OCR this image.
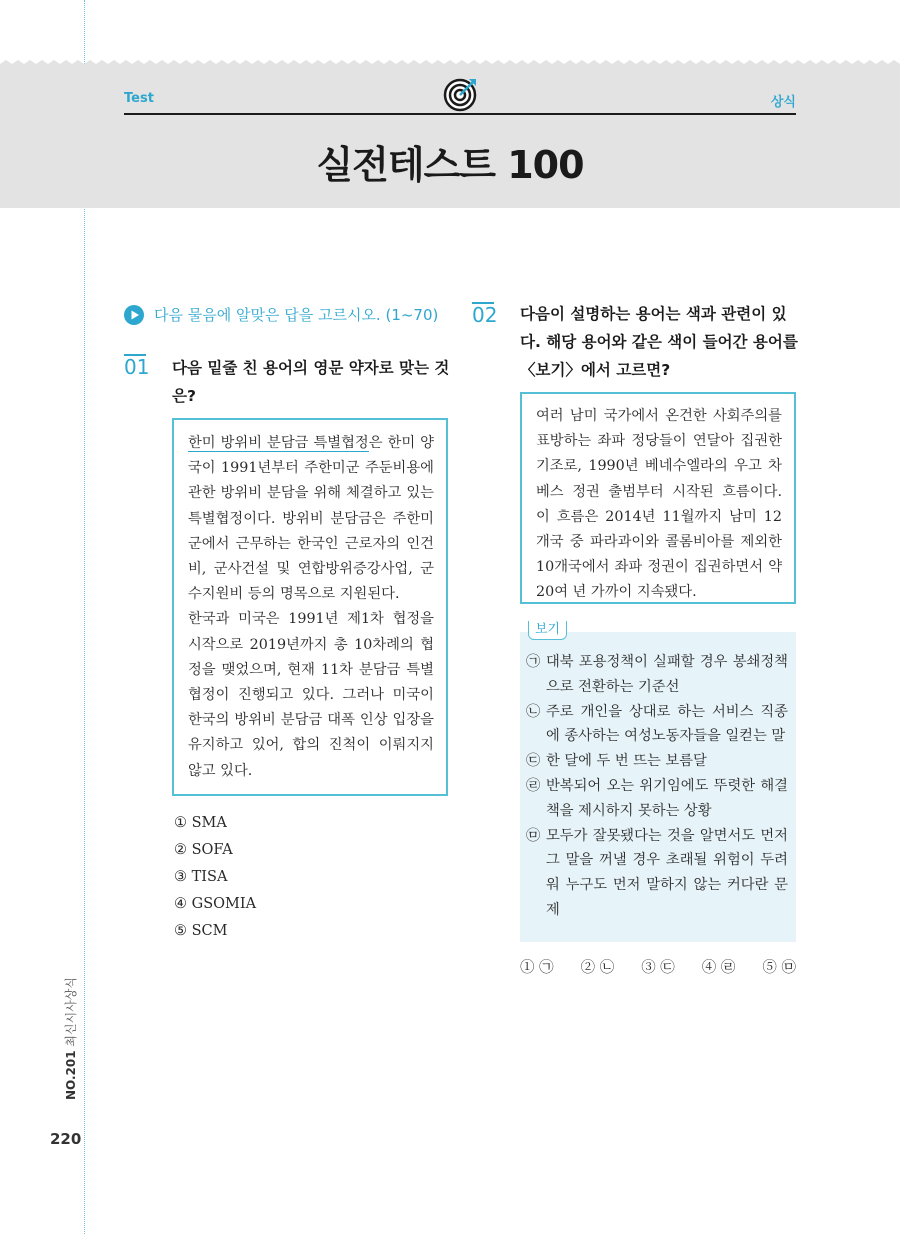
Test	상식
실전테스트 100
다음 물음에 알맞은 답을 고르시오. (1~70)
01 다음 밑줄 친 용어의 영문 약자로 맞는 것
은?

한미 방위비 분담금 특별협정은 한미 양국이 1991년부터 주한미군 주둔비용에 관한 방위비 분담을 위해 체결하고 있는 특별협정이다. 방위비 분담금은 주한미군에서 근무하는 한국인 근로자의 인건비, 군사건설 및 연합방위증강사업, 군수지원비 등의 명목으로 지원된다.

한국과 미국은 1991년 제1차 협정을 시작으로 2019년까지 총 10차례의 협정을 맺었으며, 현재 11차 분담금 특별협정이 진행되고 있다. 그러나 미국이 한국의 방위비 분담금 대폭 인상 입장을 유지하고 있어, 합의 진척이 이뤄지지 않고 있다.

① SMA
② SOFA
③ TISA
④ GSOMIA
⑤ SCM
02 다음이 설명하는 용어는 색과 관련이 있
다. 해당 용어와 같은 색이 들어간 용어를
〈보기〉에서 고르면?

여러 남미 국가에서 온건한 사회주의를 표방하는 좌파 정당들이 연달아 집권한 기조로, 1990년 베네수엘라의 우고 차베스 정권 출범부터 시작된 흐름이다. 이 흐름은 2014년 11월까지 남미 12개국 중 파라과이와 콜롬비아를 제외한 10개국에서 좌파 정권이 집권하면서 약 20여 년 가까이 지속됐다.

보기
㉠ 대북 포용정책이 실패할 경우 봉쇄정책으로 전환하는 기준선
㉡ 주로 개인을 상대로 하는 서비스 직종에 종사하는 여성노동자들을 일컫는 말
㉢ 한 달에 두 번 뜨는 보름달
㉣ 반복되어 오는 위기임에도 뚜렷한 해결책을 제시하지 못하는 상황
㉤ 모두가 잘못됐다는 것을 알면서도 먼저 그 말을 꺼낼 경우 초래될 위험이 두려워 누구도 먼저 말하지 않는 커다란 문제
① ㉠ ② ㉡ ③ ㉢ ④ ㉣ ⑤ ㉤
NO.201 최신시사상식
220
